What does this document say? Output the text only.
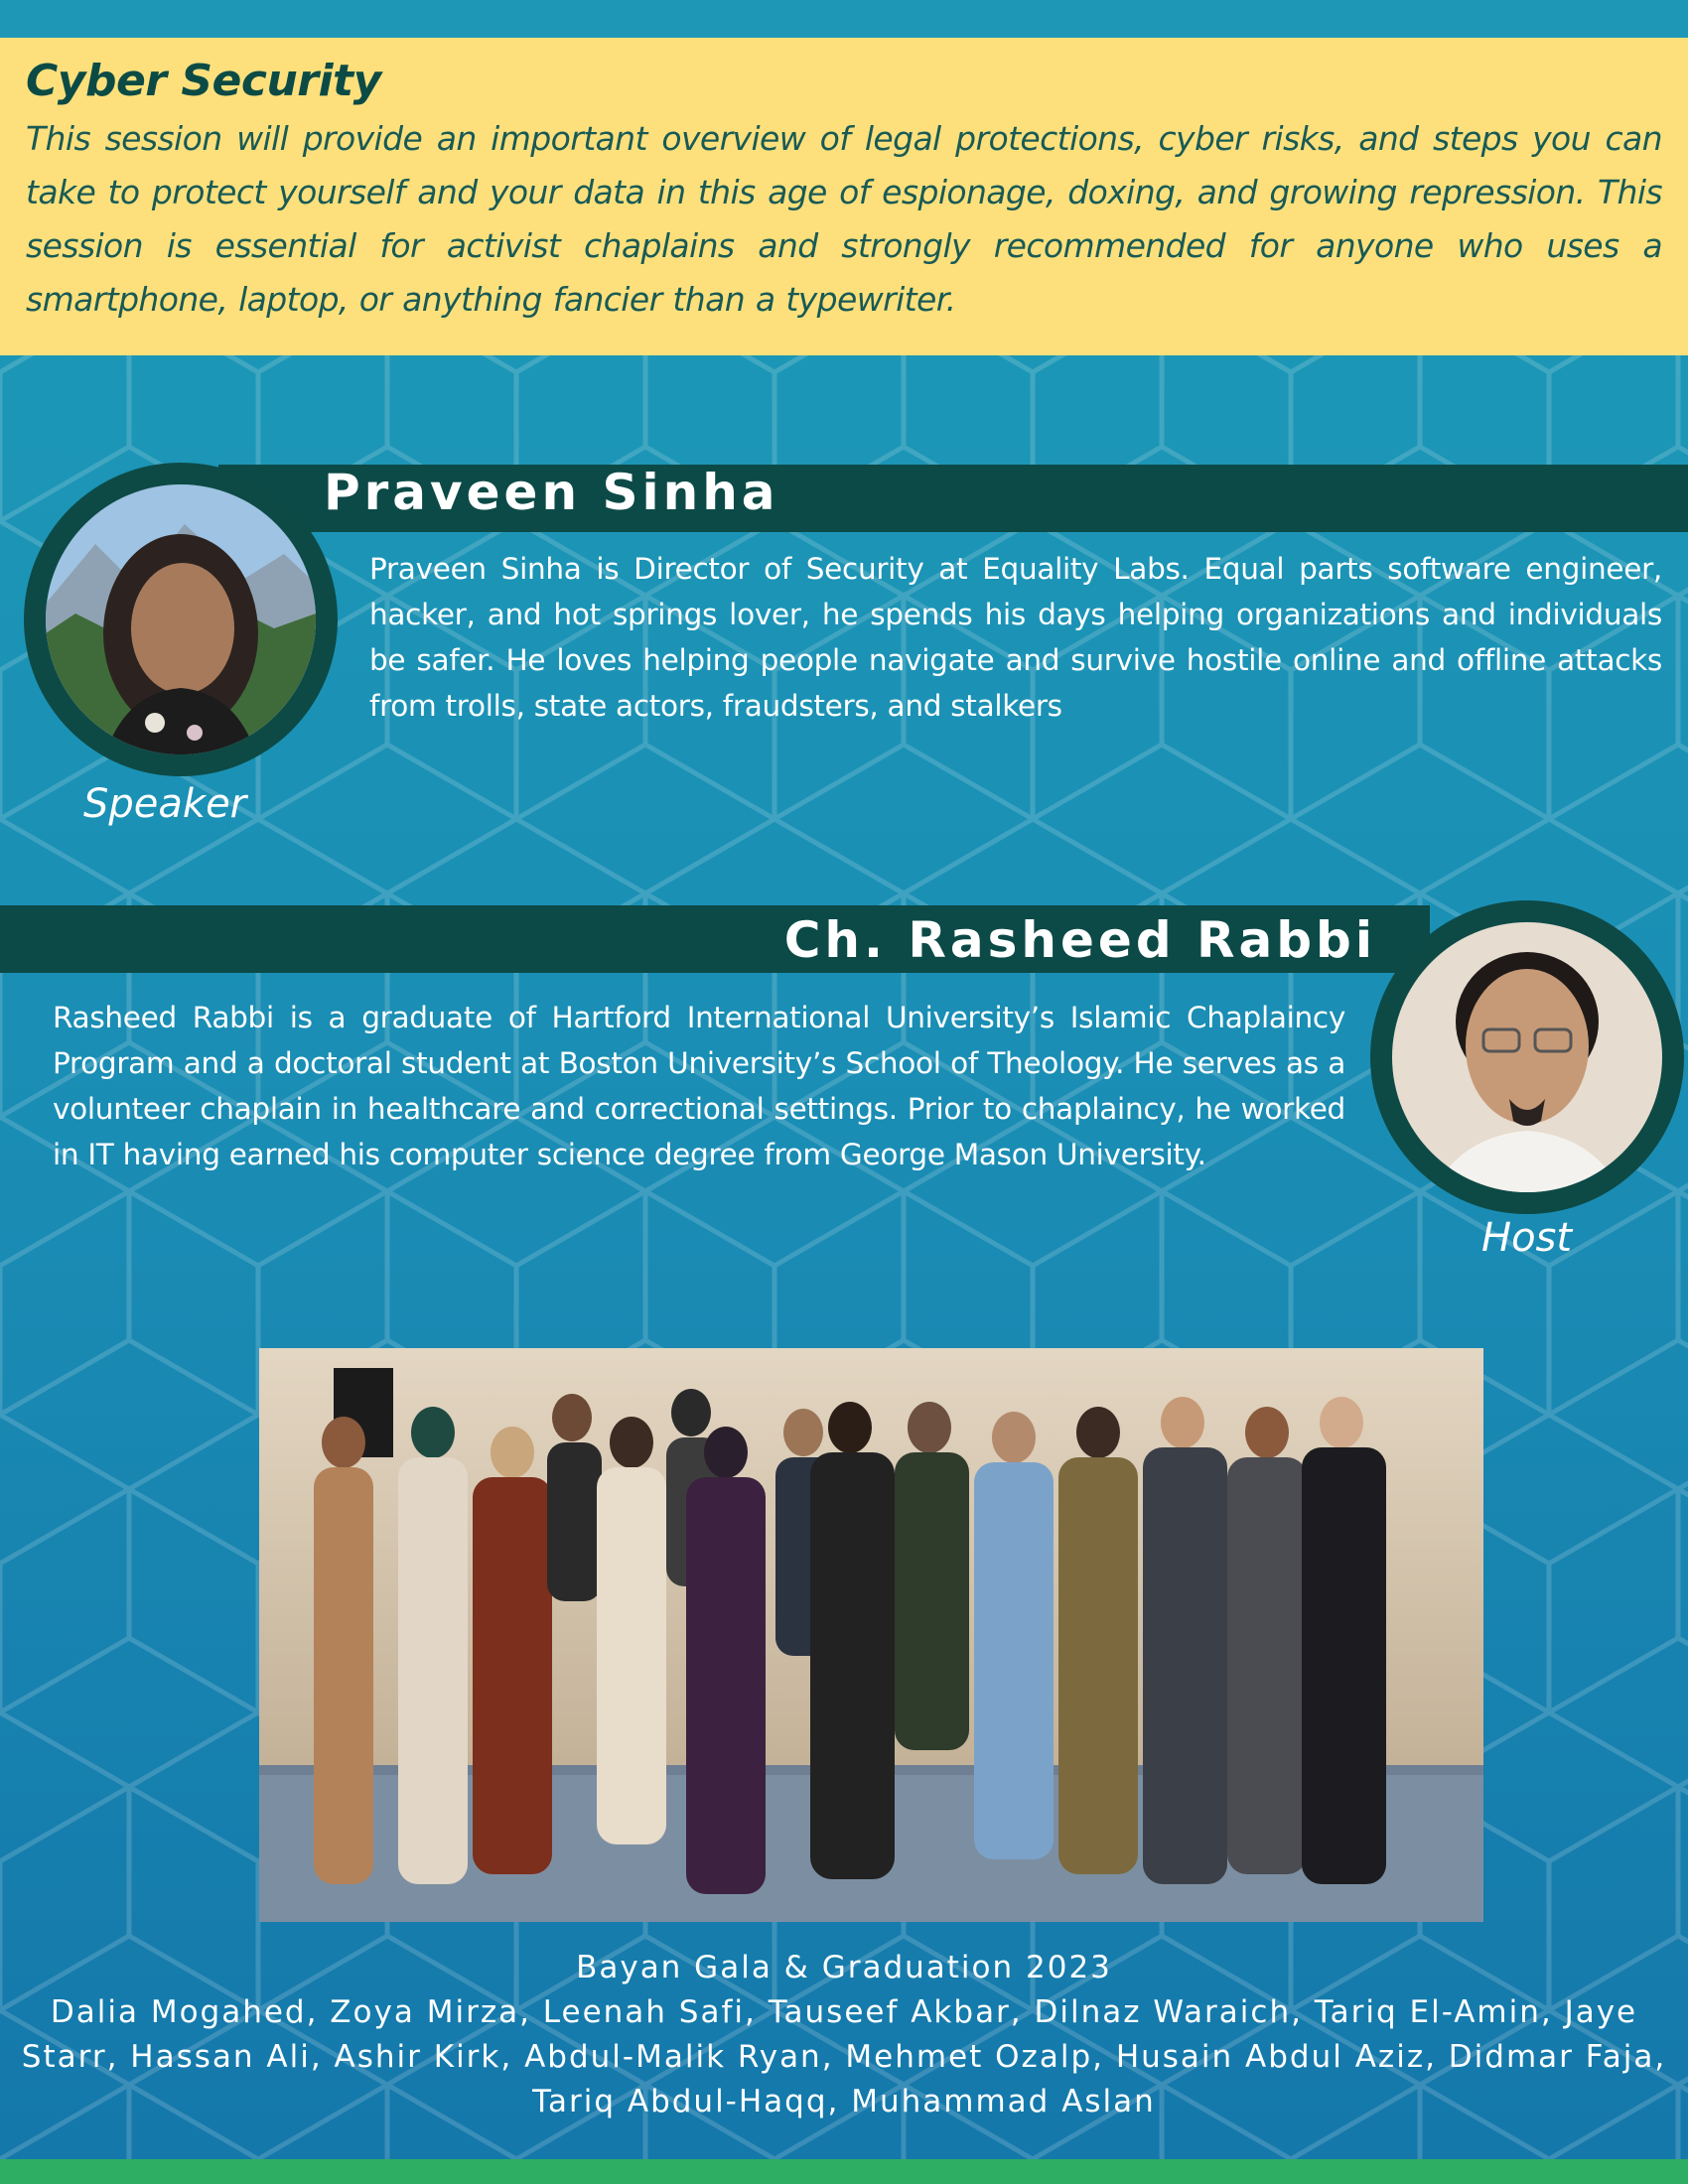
Cyber Security

This session will provide an important overview of legal protections, cyber risks, and steps you can take to protect yourself and your data in this age of espionage, doxing, and growing repression. This session is essential for activist chaplains and strongly recommended for anyone who uses a smartphone, laptop, or anything fancier than a typewriter.

Praveen Sinha

Praveen Sinha is Director of Security at Equality Labs. Equal parts software engineer, hacker, and hot springs lover, he spends his days helping organizations and individuals be safer. He loves helping people navigate and survive hostile online and offline attacks from trolls, state actors, fraudsters, and stalkers

Speaker
Ch. Rasheed Rabbi

Rasheed Rabbi is a graduate of Hartford International University’s Islamic Chaplaincy Program and a doctoral student at Boston University’s School of Theology. He serves as a volunteer chaplain in healthcare and correctional settings. Prior to chaplaincy, he worked in IT having earned his computer science degree from George Mason University.

Host

Bayan Gala & Graduation 2023
Dalia Mogahed, Zoya Mirza, Leenah Safi, Tauseef Akbar, Dilnaz Waraich, Tariq El-Amin, Jaye Starr, Hassan Ali, Ashir Kirk, Abdul-Malik Ryan, Mehmet Ozalp, Husain Abdul Aziz, Didmar Faja, Tariq Abdul-Haqq, Muhammad Aslan
